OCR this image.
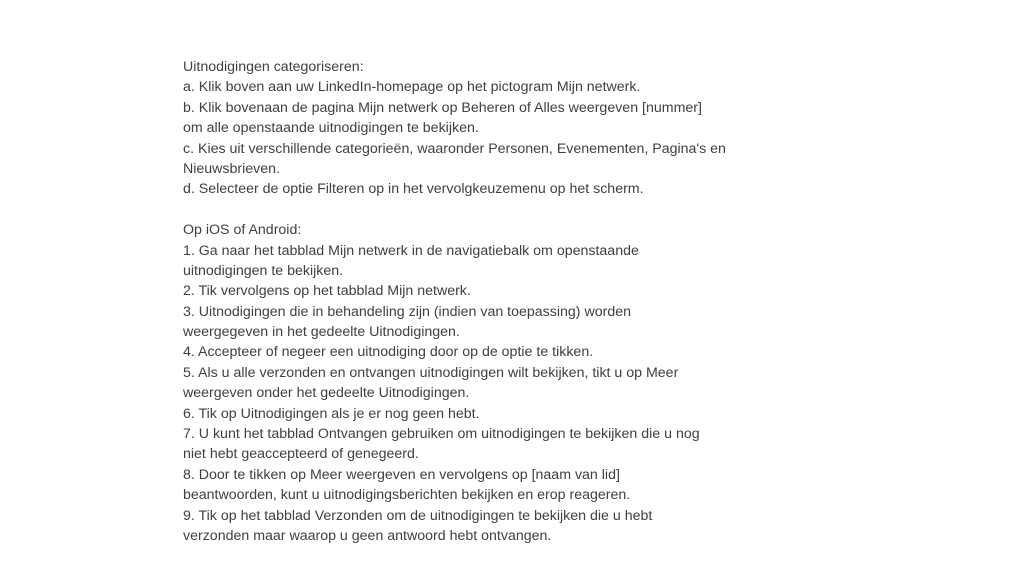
Uitnodigingen categoriseren:
a. Klik boven aan uw LinkedIn-homepage op het pictogram Mijn netwerk.
b. Klik bovenaan de pagina Mijn netwerk op Beheren of Alles weergeven [nummer]
om alle openstaande uitnodigingen te bekijken.
c. Kies uit verschillende categorieën, waaronder Personen, Evenementen, Pagina's en
Nieuwsbrieven.
d. Selecteer de optie Filteren op in het vervolgkeuzemenu op het scherm.
Op iOS of Android:
1. Ga naar het tabblad Mijn netwerk in de navigatiebalk om openstaande
uitnodigingen te bekijken.
2. Tik vervolgens op het tabblad Mijn netwerk.
3. Uitnodigingen die in behandeling zijn (indien van toepassing) worden
weergegeven in het gedeelte Uitnodigingen.
4. Accepteer of negeer een uitnodiging door op de optie te tikken.
5. Als u alle verzonden en ontvangen uitnodigingen wilt bekijken, tikt u op Meer
weergeven onder het gedeelte Uitnodigingen.
6. Tik op Uitnodigingen als je er nog geen hebt.
7. U kunt het tabblad Ontvangen gebruiken om uitnodigingen te bekijken die u nog
niet hebt geaccepteerd of genegeerd.
8. Door te tikken op Meer weergeven en vervolgens op [naam van lid]
beantwoorden, kunt u uitnodigingsberichten bekijken en erop reageren.
9. Tik op het tabblad Verzonden om de uitnodigingen te bekijken die u hebt
verzonden maar waarop u geen antwoord hebt ontvangen.
